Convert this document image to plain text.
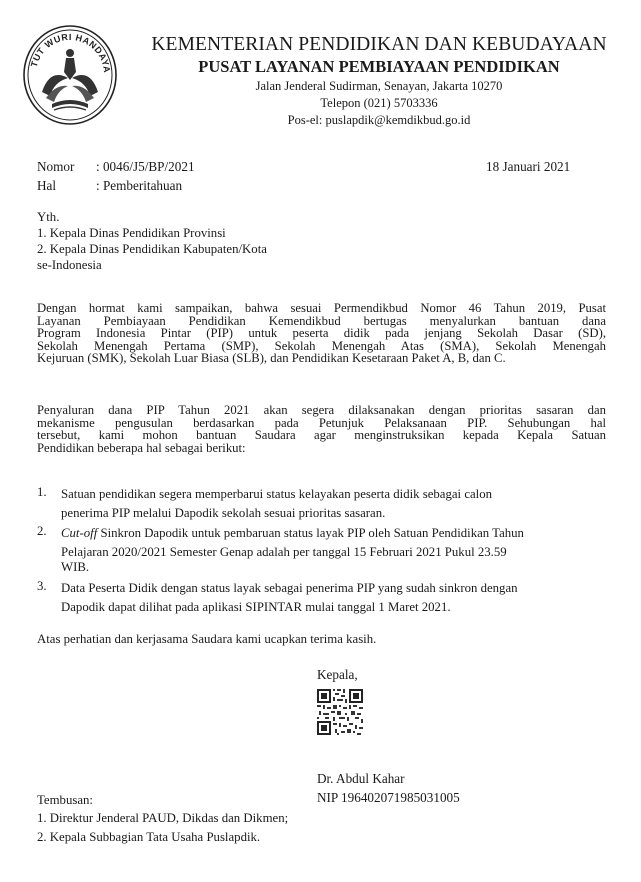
TUT WURI HANDAYA
KEMENTERIAN PENDIDIKAN DAN KEBUDAYAAN
PUSAT LAYANAN PEMBIAYAAN PENDIDIKAN
Jalan Jenderal Sudirman, Senayan, Jakarta 10270
Telepon (021) 5703336
Pos-el: puslapdik@kemdikbud.go.id
Nomor : 0046/J5/BP/2021	18 Januari 2021
Hal	: Pemberitahuan
Yth.
1. Kepala Dinas Pendidikan Provinsi
2. Kepala Dinas Pendidikan Kabupaten/Kota
se-Indonesia
Dengan hormat kami sampaikan, bahwa sesuai Permendikbud Nomor 46 Tahun 2019, Pusat
Layanan Pembiayaan Pendidikan Kemendikbud bertugas menyalurkan bantuan dana
Program Indonesia Pintar (PIP) untuk peserta didik pada jenjang Sekolah Dasar (SD),
Sekolah Menengah Pertama (SMP), Sekolah Menengah Atas (SMA), Sekolah Menengah
Kejuruan (SMK), Sekolah Luar Biasa (SLB), dan Pendidikan Kesetaraan Paket A, B, dan C.
Penyaluran dana PIP Tahun 2021 akan segera dilaksanakan dengan prioritas sasaran dan
mekanisme pengusulan berdasarkan pada Petunjuk Pelaksanaan PIP. Sehubungan hal
tersebut, kami mohon bantuan Saudara agar menginstruksikan kepada Kepala Satuan
Pendidikan beberapa hal sebagai berikut:
1. Satuan pendidikan segera memperbarui status kelayakan peserta didik sebagai calon
penerima PIP melalui Dapodik sekolah sesuai prioritas sasaran.
2. Cut-off Sinkron Dapodik untuk pembaruan status layak PIP oleh Satuan Pendidikan Tahun
Pelajaran 2020/2021 Semester Genap adalah per tanggal 15 Februari 2021 Pukul 23.59
WIB.
3. Data Peserta Didik dengan status layak sebagai penerima PIP yang sudah sinkron dengan
Dapodik dapat dilihat pada aplikasi SIPINTAR mulai tanggal 1 Maret 2021.
Atas perhatian dan kerjasama Saudara kami ucapkan terima kasih.
Kepala,
Dr. Abdul Kahar
NIP 196402071985031005
Tembusan:
1. Direktur Jenderal PAUD, Dikdas dan Dikmen;
2. Kepala Subbagian Tata Usaha Puslapdik.
